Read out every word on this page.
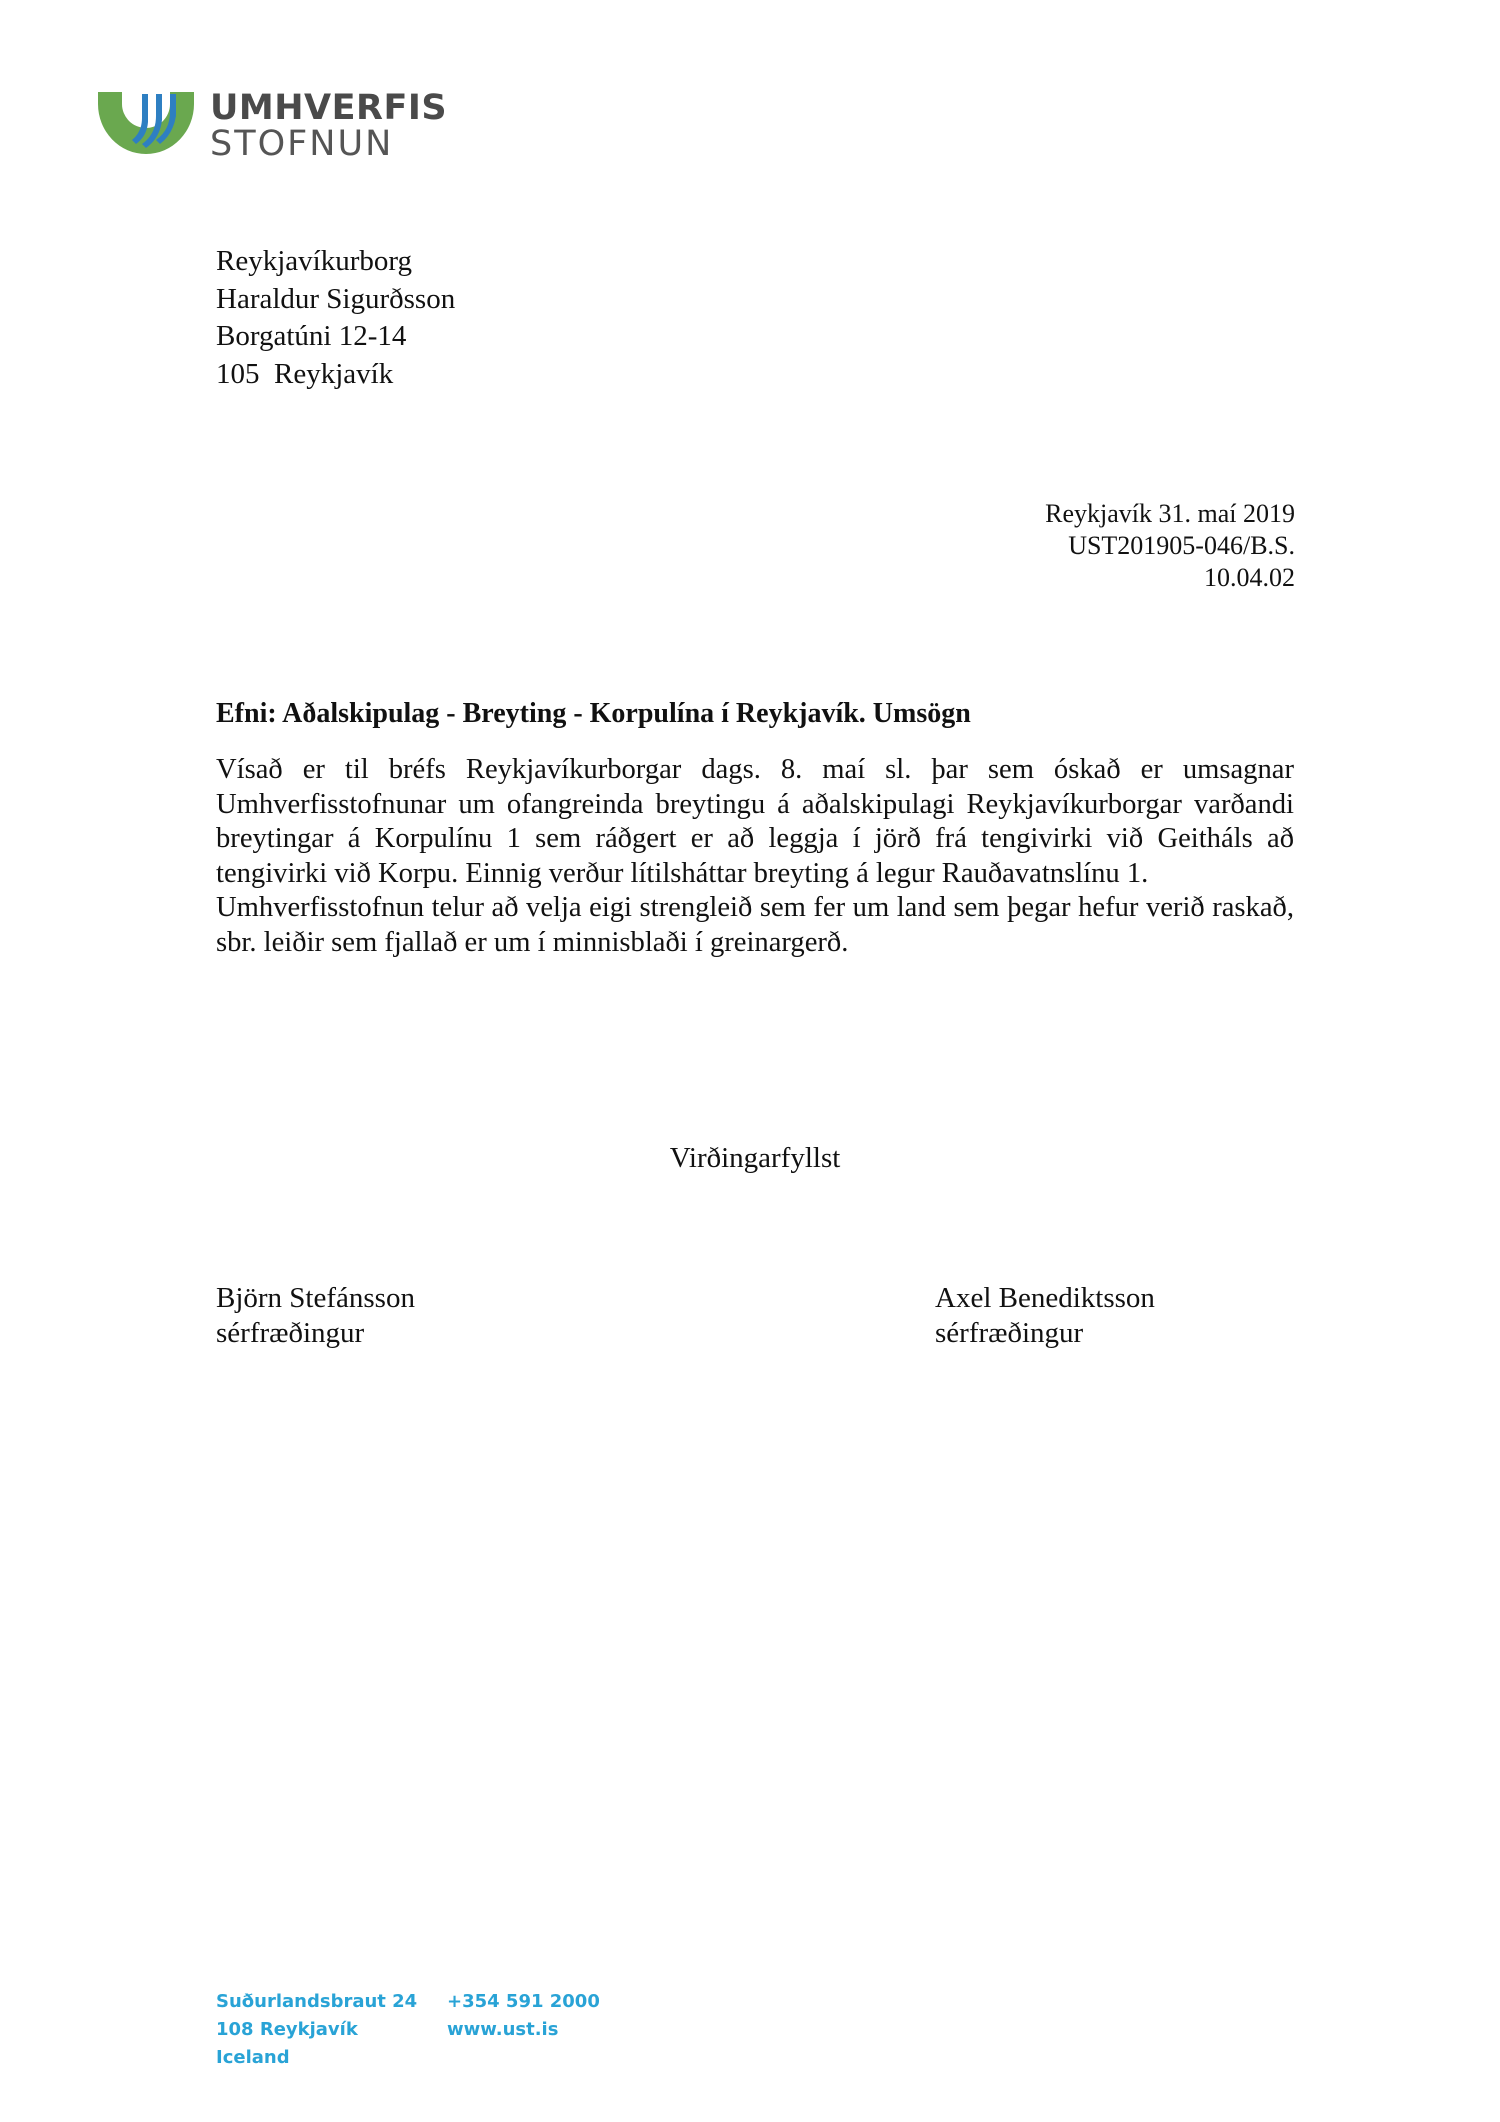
UMHVERFIS
STOFNUN
Reykjavíkurborg
Haraldur Sigurðsson
Borgatúni 12-14
105  Reykjavík
Reykjavík 31. maí 2019
UST201905-046/B.S.
10.04.02
Efni: Aðalskipulag - Breyting - Korpulína í Reykjavík. Umsögn

Vísað er til bréfs Reykjavíkurborgar dags. 8. maí sl. þar sem óskað er umsagnar Umhverfisstofnunar um ofangreinda breytingu á aðalskipulagi Reykjavíkurborgar varðandi breytingar á Korpulínu 1 sem ráðgert er að leggja í jörð frá tengivirki við Geitháls að tengivirki við Korpu. Einnig verður lítilsháttar breyting á legur Rauðavatnslínu 1.

Umhverfisstofnun telur að velja eigi strengleið sem fer um land sem þegar hefur verið raskað, sbr. leiðir sem fjallað er um í minnisblaði í greinargerð.

Virðingarfyllst
Björn Stefánsson
sérfræðingur
Axel Benediktsson
sérfræðingur
Suðurlandsbraut 24
108 Reykjavík
Iceland
+354 591 2000
www.ust.is
